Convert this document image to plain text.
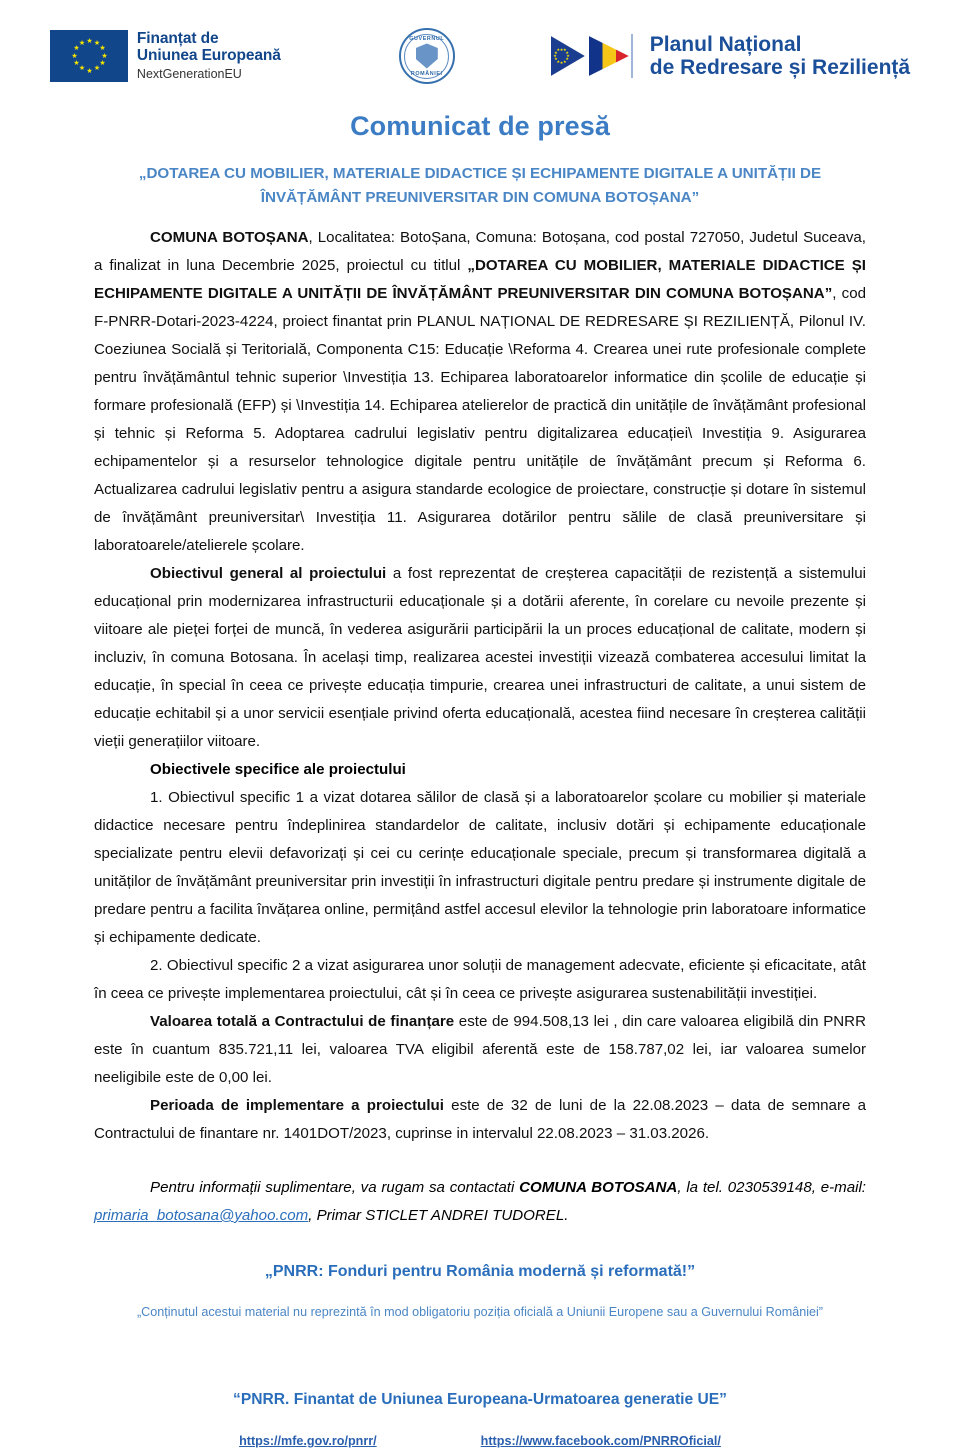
★
★
★
★
★
★
★
★
★
★
★
★
Finanțat de
Uniunea Europeană
NextGenerationEU
GUVERNUL
ROMÂNIEI
★
★
★
★
★
★
★
★
★
★
★
★
Planul Național
de Redresare și Reziliență
Comunicat de presă
„DOTAREA CU MOBILIER, MATERIALE DIDACTICE ȘI ECHIPAMENTE DIGITALE A UNITĂȚII DE ÎNVĂȚĂMÂNT PREUNIVERSITAR DIN COMUNA BOTOȘANA”

COMUNA BOTOȘANA, Localitatea: BotoȘana, Comuna: Botoșana, cod postal 727050, Judetul Suceava, a finalizat in luna Decembrie 2025, proiectul cu titlul „DOTAREA CU MOBILIER, MATERIALE DIDACTICE ȘI ECHIPAMENTE DIGITALE A UNITĂȚII DE ÎNVĂȚĂMÂNT PREUNIVERSITAR DIN COMUNA BOTOȘANA”, cod F-PNRR-Dotari-2023-4224, proiect finantat prin PLANUL NAȚIONAL DE REDRESARE ȘI REZILIENȚĂ, Pilonul IV. Coeziunea Socială și Teritorială, Componenta C15: Educație \Reforma 4. Crearea unei rute profesionale complete pentru învățământul tehnic superior \Investiția 13. Echiparea laboratoarelor informatice din școlile de educație și formare profesională (EFP) și \Investiția 14. Echiparea atelierelor de practică din unitățile de învățământ profesional și tehnic și Reforma 5. Adoptarea cadrului legislativ pentru digitalizarea educației\ Investiția 9. Asigurarea echipamentelor și a resurselor tehnologice digitale pentru unitățile de învățământ precum și Reforma 6. Actualizarea cadrului legislativ pentru a asigura standarde ecologice de proiectare, construcție și dotare în sistemul de învățământ preuniversitar\ Investiția 11. Asigurarea dotărilor pentru sălile de clasă preuniversitare și laboratoarele/atelierele școlare.

Obiectivul general al proiectului a fost reprezentat de creșterea capacității de rezistență a sistemului educațional prin modernizarea infrastructurii educaționale și a dotării aferente, în corelare cu nevoile prezente și viitoare ale pieței forței de muncă, în vederea asigurării participării la un proces educațional de calitate, modern și incluziv, în comuna Botosana. În același timp, realizarea acestei investiții vizează combaterea accesului limitat la educație, în special în ceea ce privește educația timpurie, crearea unei infrastructuri de calitate, a unui sistem de educație echitabil și a unor servicii esențiale privind oferta educațională, acestea fiind necesare în creșterea calității vieții generațiilor viitoare.

Obiectivele specifice ale proiectului

1. Obiectivul specific 1 a vizat dotarea sălilor de clasă și a laboratoarelor școlare cu mobilier și materiale didactice necesare pentru îndeplinirea standardelor de calitate, inclusiv dotări și echipamente educaționale specializate pentru elevii defavorizați și cei cu cerințe educaționale speciale, precum și transformarea digitală a unităților de învățământ preuniversitar prin investiții în infrastructuri digitale pentru predare și instrumente digitale de predare pentru a facilita învățarea online, permițând astfel accesul elevilor la tehnologie prin laboratoare informatice și echipamente dedicate.

2. Obiectivul specific 2 a vizat asigurarea unor soluții de management adecvate, eficiente și eficacitate, atât în ceea ce privește implementarea proiectului, cât și în ceea ce privește asigurarea sustenabilității investiției.

Valoarea totală a Contractului de finanțare este de 994.508,13 lei , din care valoarea eligibilă din PNRR este în cuantum 835.721,11 lei, valoarea TVA eligibil aferentă este de 158.787,02 lei, iar valoarea sumelor neeligibile este de 0,00 lei.

Perioada de implementare a proiectului este de 32 de luni de la 22.08.2023 – data de semnare a Contractului de finantare nr. 1401DOT/2023, cuprinse in intervalul 22.08.2023 – 31.03.2026.

Pentru informații suplimentare, va rugam sa contactati COMUNA BOTOSANA, la tel. 0230539148, e-mail: primaria_botosana@yahoo.com, Primar STICLET ANDREI TUDOREL.

„PNRR: Fonduri pentru România modernă și reformată!”
„Conținutul acestui material nu reprezintă în mod obligatoriu poziția oficială a Uniunii Europene sau a Guvernului României”
“PNRR. Finantat de Uniunea Europeana-Urmatoarea generatie UE”
https://mfe.gov.ro/pnrr/	https://www.facebook.com/PNRROficial/
